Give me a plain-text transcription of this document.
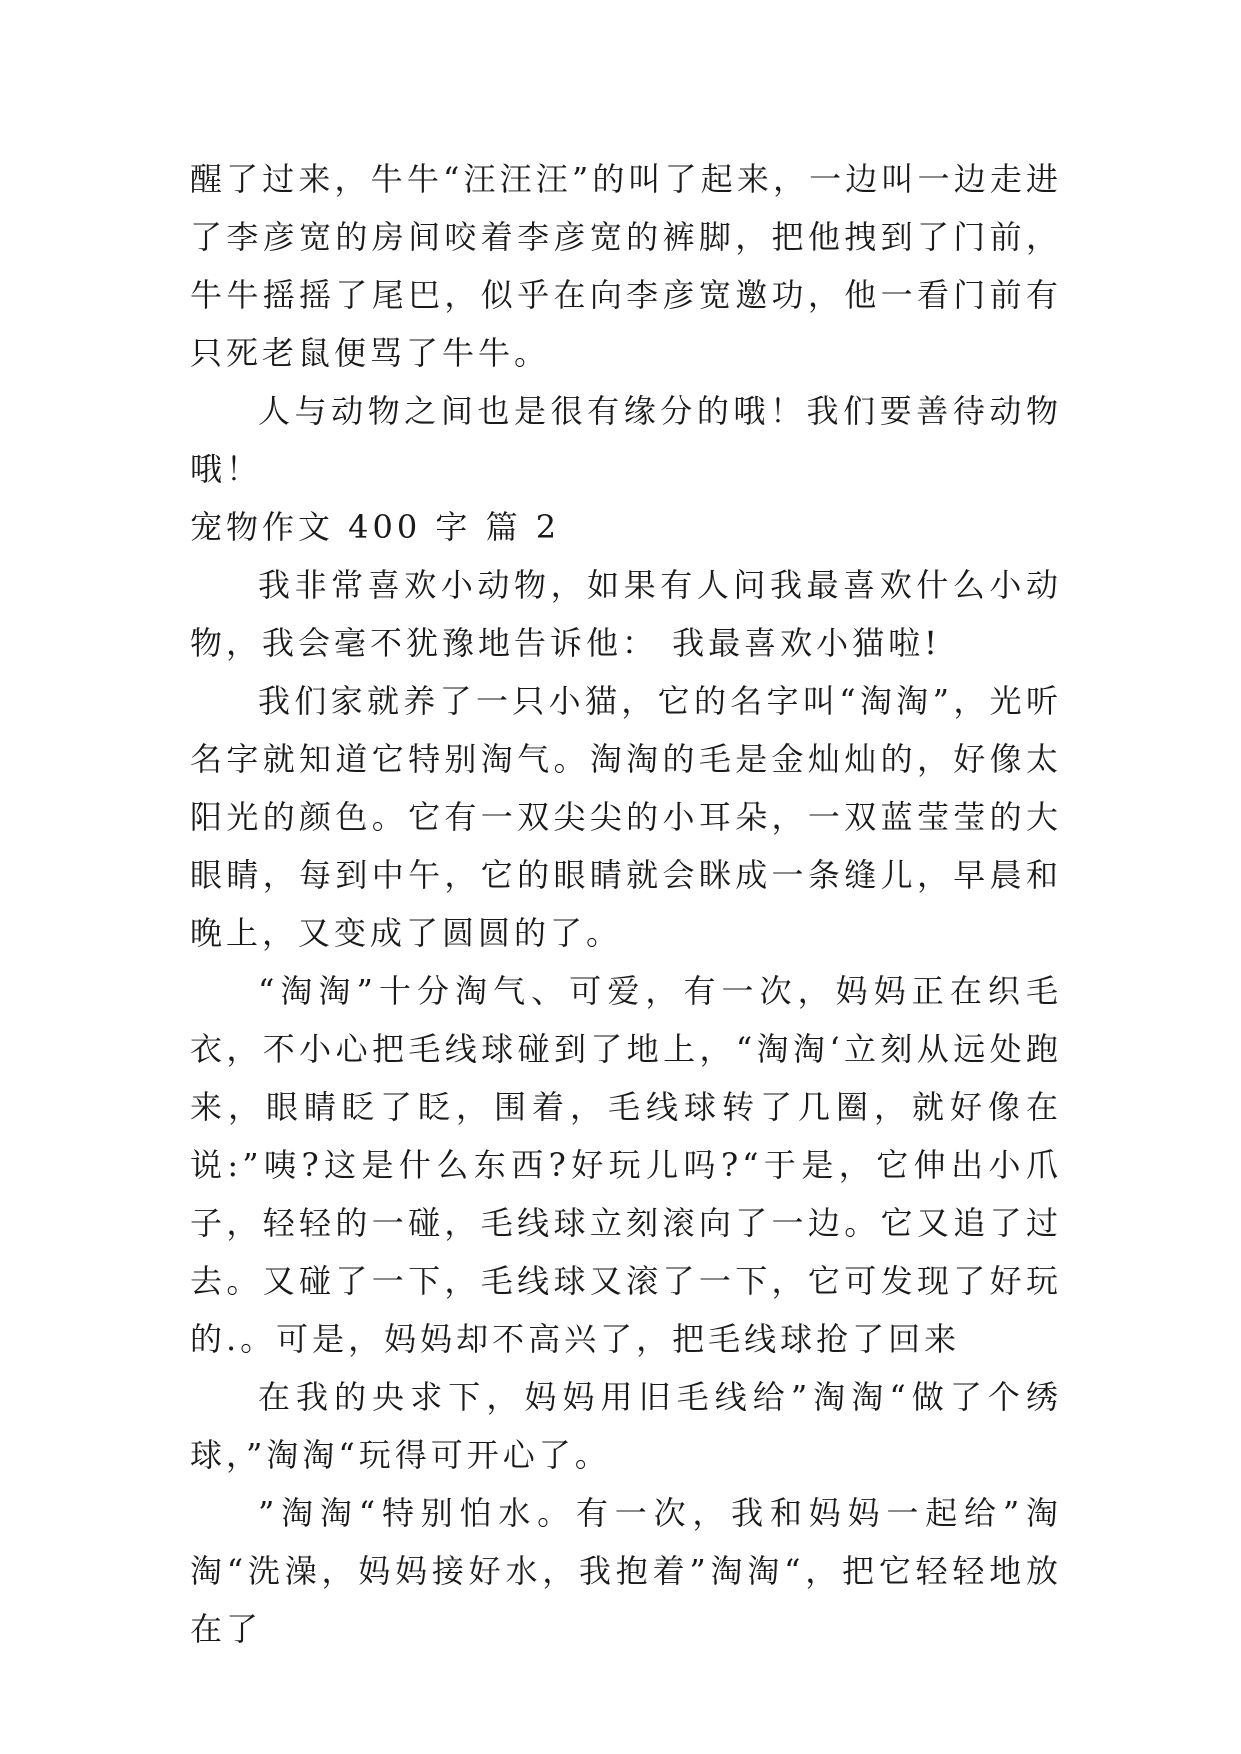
醒了过来，牛牛“汪汪汪”的叫了起来，一边叫一边走进了李彦宽的房间咬着李彦宽的裤脚，把他拽到了门前，牛牛摇摇了尾巴，似乎在向李彦宽邀功，他一看门前有只死老鼠便骂了牛牛。

人与动物之间也是很有缘分的哦！我们要善待动物哦！

宠物作文 400 字 篇 2

我非常喜欢小动物，如果有人问我最喜欢什么小动物，我会毫不犹豫地告诉他： 我最喜欢小猫啦!

我们家就养了一只小猫，它的名字叫“淘淘”，光听名字就知道它特别淘气。淘淘的毛是金灿灿的，好像太阳光的颜色。它有一双尖尖的小耳朵，一双蓝莹莹的大眼睛，每到中午，它的眼睛就会眯成一条缝儿，早晨和晚上，又变成了圆圆的了。

“淘淘”十分淘气、可爱，有一次，妈妈正在织毛衣，不小心把毛线球碰到了地上，“淘淘‘立刻从远处跑来，眼睛眨了眨，围着，毛线球转了几圈，就好像在说:”咦?这是什么东西?好玩儿吗?“于是，它伸出小爪子，轻轻的一碰，毛线球立刻滚向了一边。它又追了过去。又碰了一下，毛线球又滚了一下，它可发现了好玩的.。可是，妈妈却不高兴了，把毛线球抢了回来

在我的央求下，妈妈用旧毛线给”淘淘“做了个绣球，”淘淘“玩得可开心了。

”淘淘“特别怕水。有一次，我和妈妈一起给”淘淘“洗澡，妈妈接好水，我抱着”淘淘“，把它轻轻地放在了
